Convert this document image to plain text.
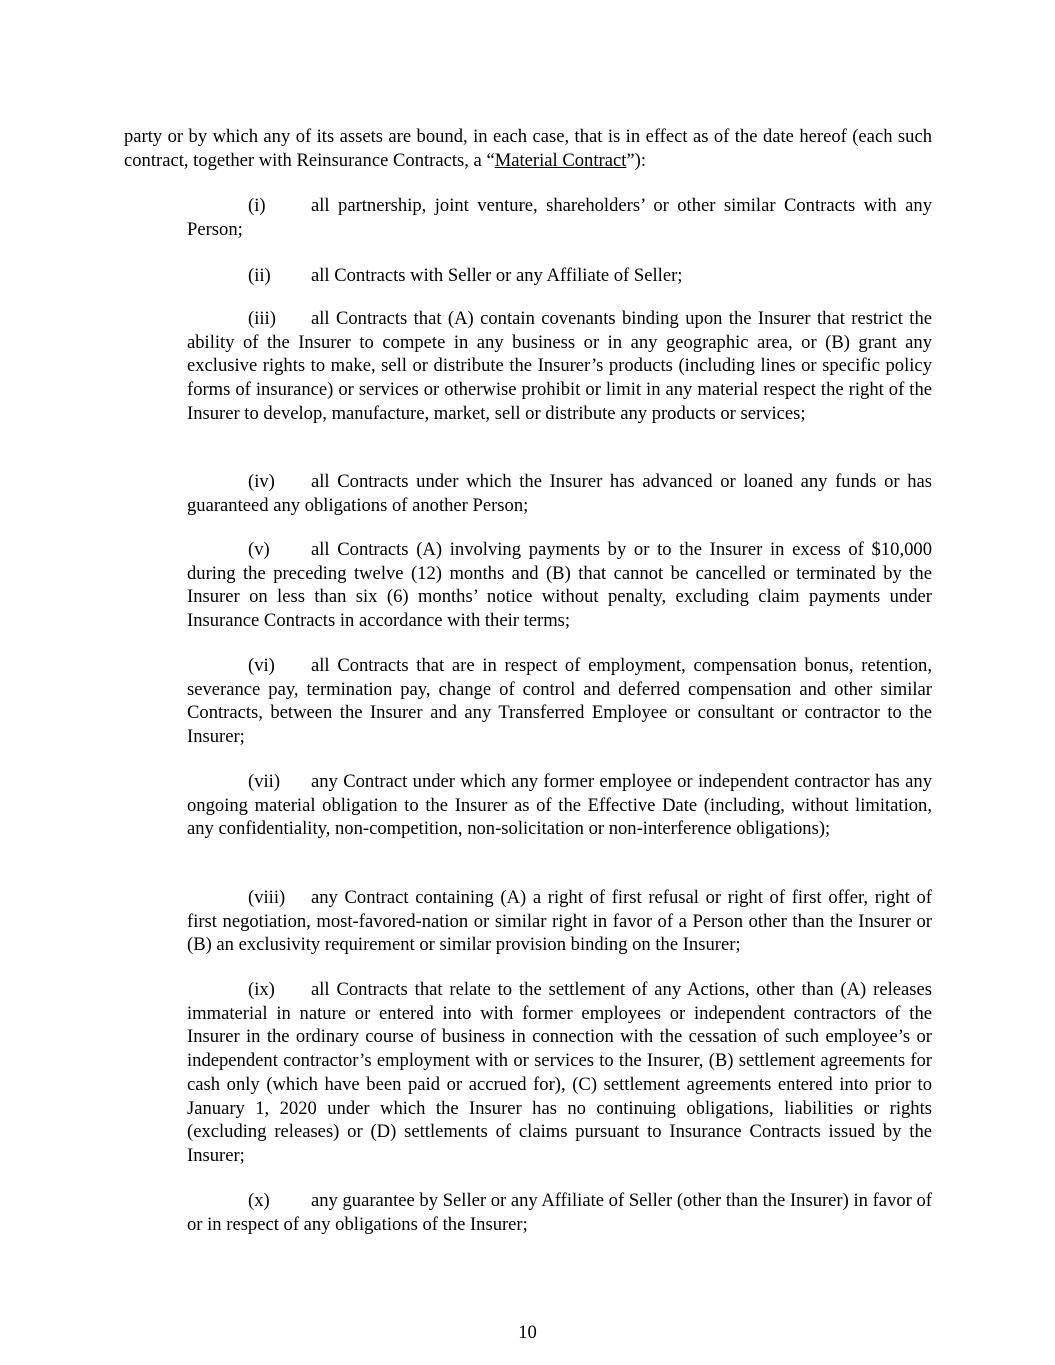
party or by which any of its assets are bound, in each case, that is in effect as of the date hereof (each such contract, together with Reinsurance Contracts, a “Material Contract”):

(i) all partnership, joint venture, shareholders’ or other similar Contracts with any Person;

(ii) all Contracts with Seller or any Affiliate of Seller;

(iii) all Contracts that (A) contain covenants binding upon the Insurer that restrict the ability of the Insurer to compete in any business or in any geographic area, or (B) grant any exclusive rights to make, sell or distribute the Insurer’s products (including lines or specific policy forms of insurance) or services or otherwise prohibit or limit in any material respect the right of the Insurer to develop, manufacture, market, sell or distribute any products or services;

(iv) all Contracts under which the Insurer has advanced or loaned any funds or has guaranteed any obligations of another Person;

(v) all Contracts (A) involving payments by or to the Insurer in excess of $10,000 during the preceding twelve (12) months and (B) that cannot be cancelled or terminated by the Insurer on less than six (6) months’ notice without penalty, excluding claim payments under Insurance Contracts in accordance with their terms;

(vi) all Contracts that are in respect of employment, compensation bonus, retention, severance pay, termination pay, change of control and deferred compensation and other similar Contracts, between the Insurer and any Transferred Employee or consultant or contractor to the Insurer;

(vii) any Contract under which any former employee or independent contractor has any ongoing material obligation to the Insurer as of the Effective Date (including, without limitation, any confidentiality, non-competition, non-solicitation or non-interference obligations);

(viii) any Contract containing (A) a right of first refusal or right of first offer, right of first negotiation, most-favored-nation or similar right in favor of a Person other than the Insurer or (B) an exclusivity requirement or similar provision binding on the Insurer;

(ix) all Contracts that relate to the settlement of any Actions, other than (A) releases immaterial in nature or entered into with former employees or independent contractors of the Insurer in the ordinary course of business in connection with the cessation of such employee’s or independent contractor’s employment with or services to the Insurer, (B) settlement agreements for cash only (which have been paid or accrued for), (C) settlement agreements entered into prior to January 1, 2020 under which the Insurer has no continuing obligations, liabilities or rights (excluding releases) or (D) settlements of claims pursuant to Insurance Contracts issued by the Insurer;

(x) any guarantee by Seller or any Affiliate of Seller (other than the Insurer) in favor of or in respect of any obligations of the Insurer;

10
